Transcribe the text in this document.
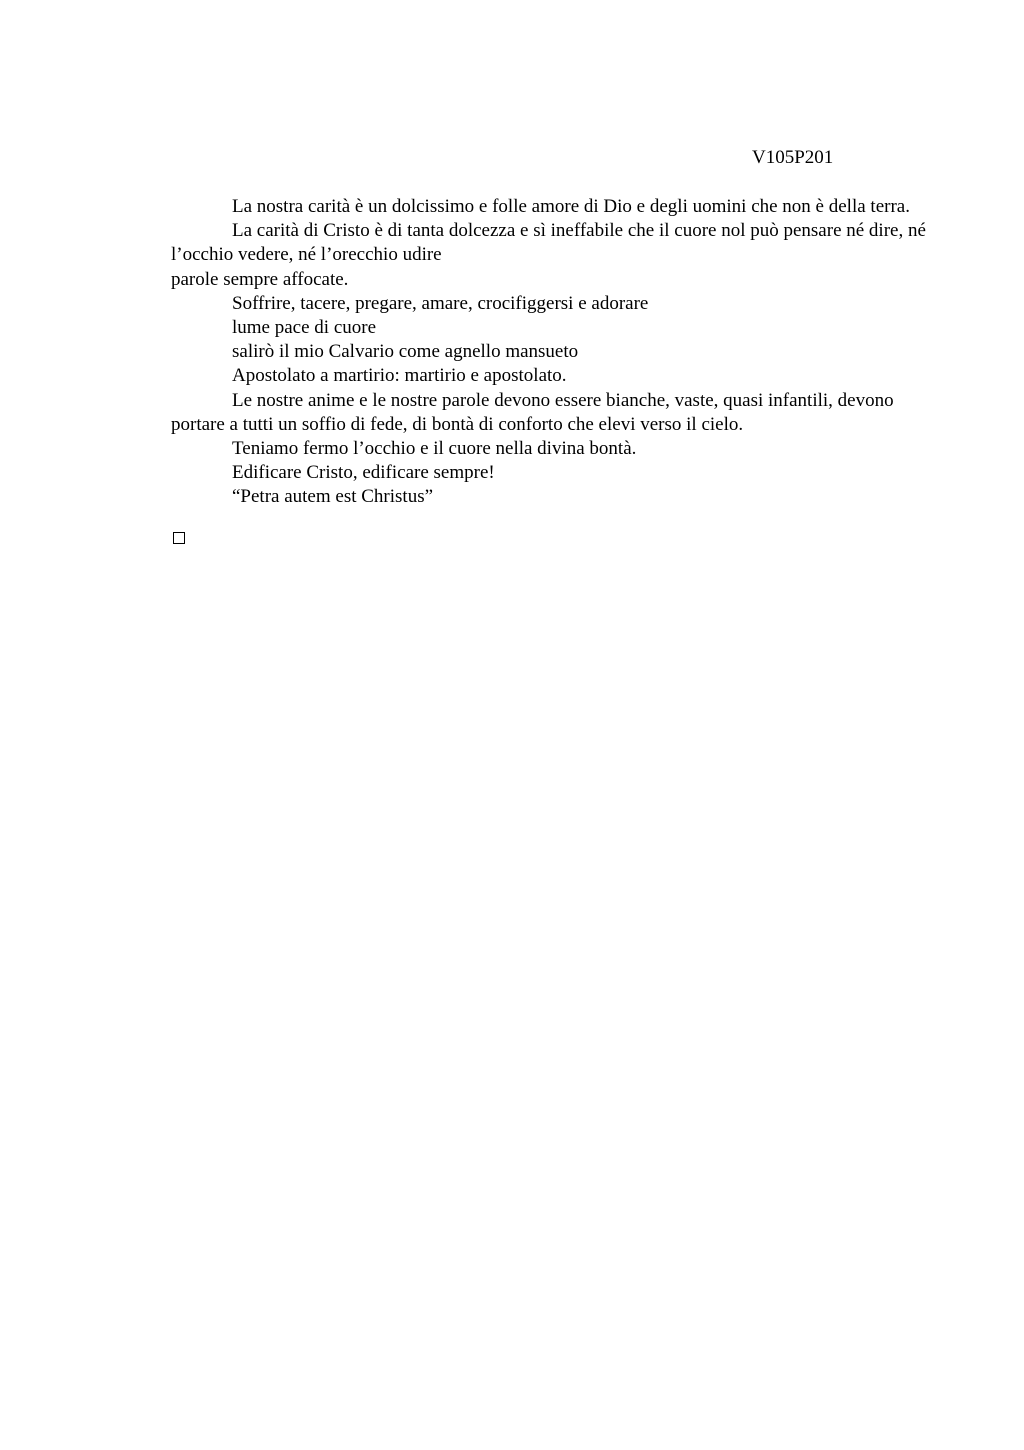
V105P201

La nostra carità è un dolcissimo e folle amore di Dio e degli uomini che non è della terra.

La carità di Cristo è di tanta dolcezza e sì ineffabile che il cuore nol può pensare né dire, né l’occhio vedere, né l’orecchio udire

parole sempre affocate.

Soffrire, tacere, pregare, amare, crocifiggersi e adorare

lume pace di cuore

salirò il mio Calvario come agnello mansueto

Apostolato a martirio: martirio e apostolato.

Le nostre anime e le nostre parole devono essere bianche, vaste, quasi infantili, devono portare a tutti un soffio di fede, di bontà di conforto che elevi verso il cielo.

Teniamo fermo l’occhio e il cuore nella divina bontà.

Edificare Cristo, edificare sempre!

“Petra autem est Christus”
